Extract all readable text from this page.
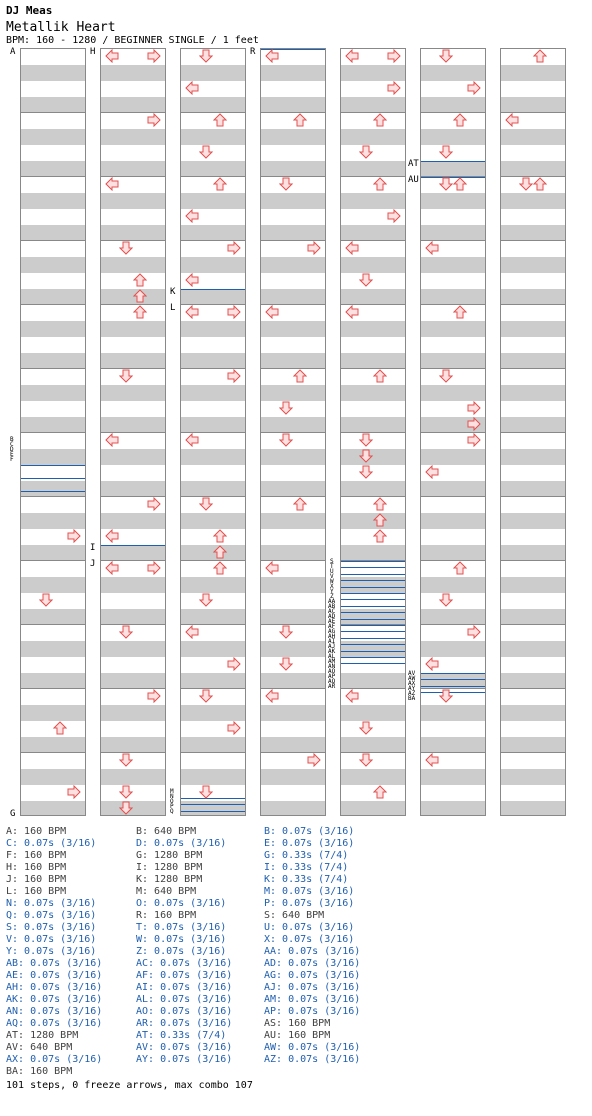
DJ Meas
Metallik Heart
BPM: 160 - 1280 / BEGINNER SINGLE / 1 feet
A: 160 BPM	B: 640 BPM	B: 0.07s (3/16)
C: 0.07s (3/16)	D: 0.07s (3/16)	E: 0.07s (3/16)
F: 160 BPM	G: 1280 BPM	G: 0.33s (7/4)
H: 160 BPM	I: 1280 BPM	I: 0.33s (7/4)
J: 160 BPM	K: 1280 BPM	K: 0.33s (7/4)
L: 160 BPM	M: 640 BPM	M: 0.07s (3/16)
N: 0.07s (3/16)	O: 0.07s (3/16)	P: 0.07s (3/16)
Q: 0.07s (3/16)	R: 160 BPM	S: 640 BPM
S: 0.07s (3/16)	T: 0.07s (3/16)	U: 0.07s (3/16)
V: 0.07s (3/16)	W: 0.07s (3/16)	X: 0.07s (3/16)
Y: 0.07s (3/16)	Z: 0.07s (3/16)	AA: 0.07s (3/16)
AB: 0.07s (3/16)	AC: 0.07s (3/16)	AD: 0.07s (3/16)
AE: 0.07s (3/16)	AF: 0.07s (3/16)	AG: 0.07s (3/16)
AH: 0.07s (3/16)	AI: 0.07s (3/16)	AJ: 0.07s (3/16)
AK: 0.07s (3/16)	AL: 0.07s (3/16)	AM: 0.07s (3/16)
AN: 0.07s (3/16)	AO: 0.07s (3/16)	AP: 0.07s (3/16)
AQ: 0.07s (3/16)	AR: 0.07s (3/16)	AS: 160 BPM
AT: 1280 BPM	AT: 0.33s (7/4)	AU: 160 BPM
AV: 640 BPM	AV: 0.07s (3/16)	AW: 0.07s (3/16)
AX: 0.07s (3/16)	AY: 0.07s (3/16)	AZ: 0.07s (3/16)
BA: 160 BPM
101 steps, 0 freeze arrows, max combo 107
A
B
C
D
E
F
G
H
I
J
K
L
M
N
O
P
Q
R
S
T
U
V
W
X
Y
Z
AA
AB
AC
AD
AE
AF
AG
AH
AI
AJ
AK
AL
AM
AN
AO
AP
AQ
AR
AT
AU
AV
AW
AX
AY
AZ
BA
